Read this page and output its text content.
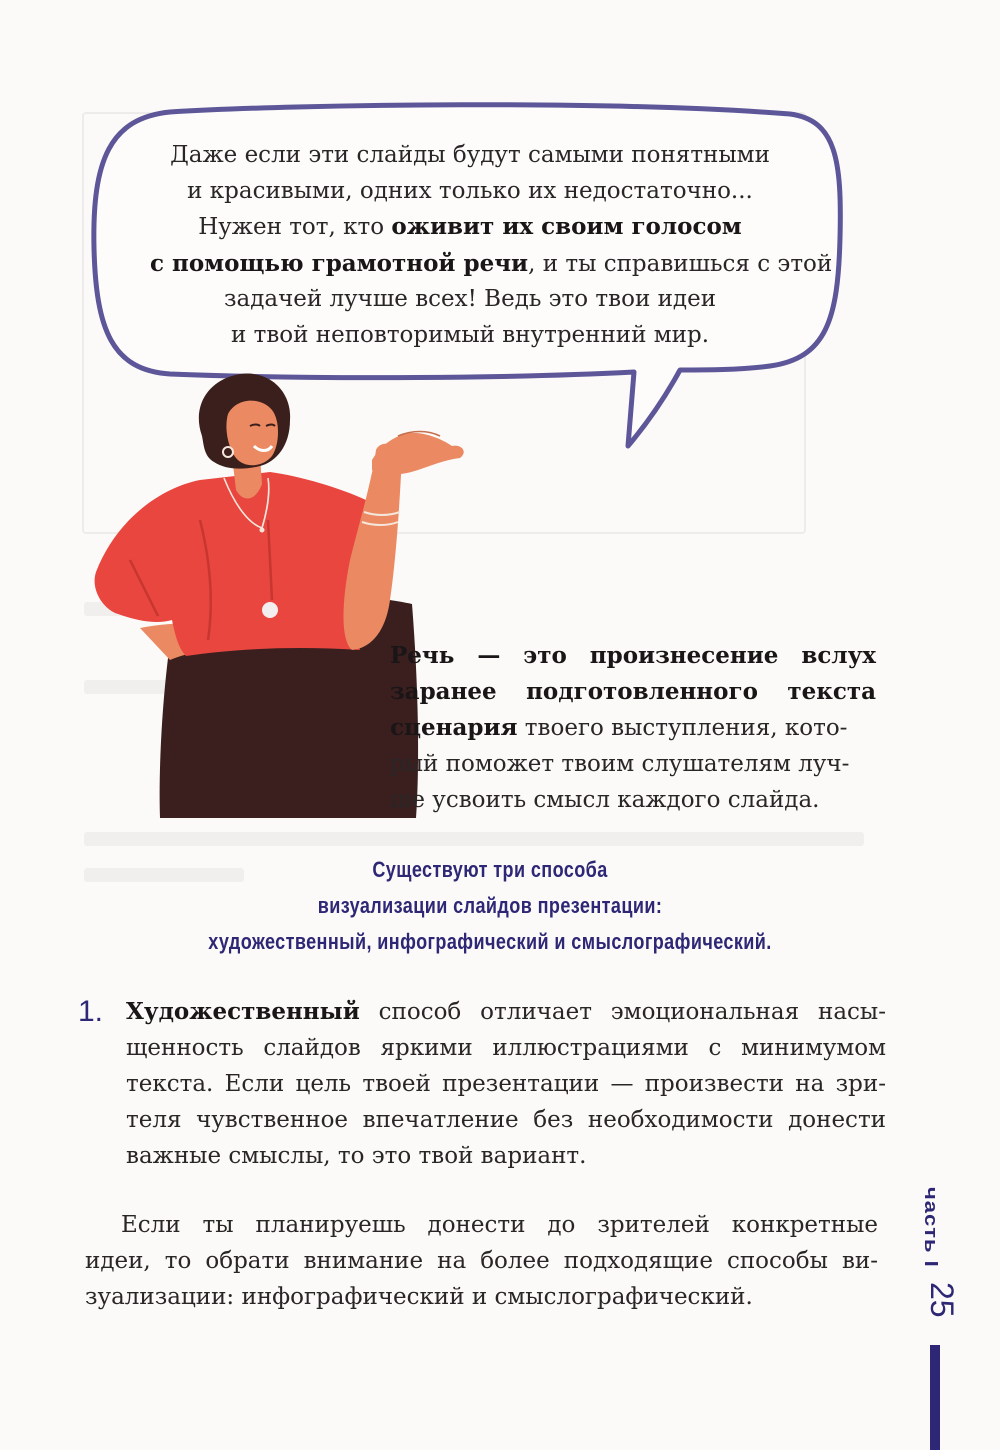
Даже если эти слайды будут самыми понятными
и красивыми, одних только их недостаточно...
Нужен тот, кто оживит их своим голосом
с помощью грамотной речи, и ты справишься с этой
задачей лучше всех! Ведь это твои идеи
и твой неповторимый внутренний мир.
Речь — это произнесение вслух
заранее подготовленного текста
сценария твоего выступления, кото-
рый поможет твоим слушателям луч-
ше усвоить смысл каждого слайда.
Существуют три способа
визуализации слайдов презентации:
художественный, инфографический и смыслографический.
1. Художественный способ отличает эмоциональная насы-
щенность слайдов яркими иллюстрациями с минимумом
текста. Если цель твоей презентации — произвести на зри-
теля чувственное впечатление без необходимости донести
важные смыслы, то это твой вариант.
Если ты планируешь донести до зрителей конкретные
идеи, то обрати внимание на более подходящие способы ви-
зуализации: инфографический и смыслографический.
часть I
25
